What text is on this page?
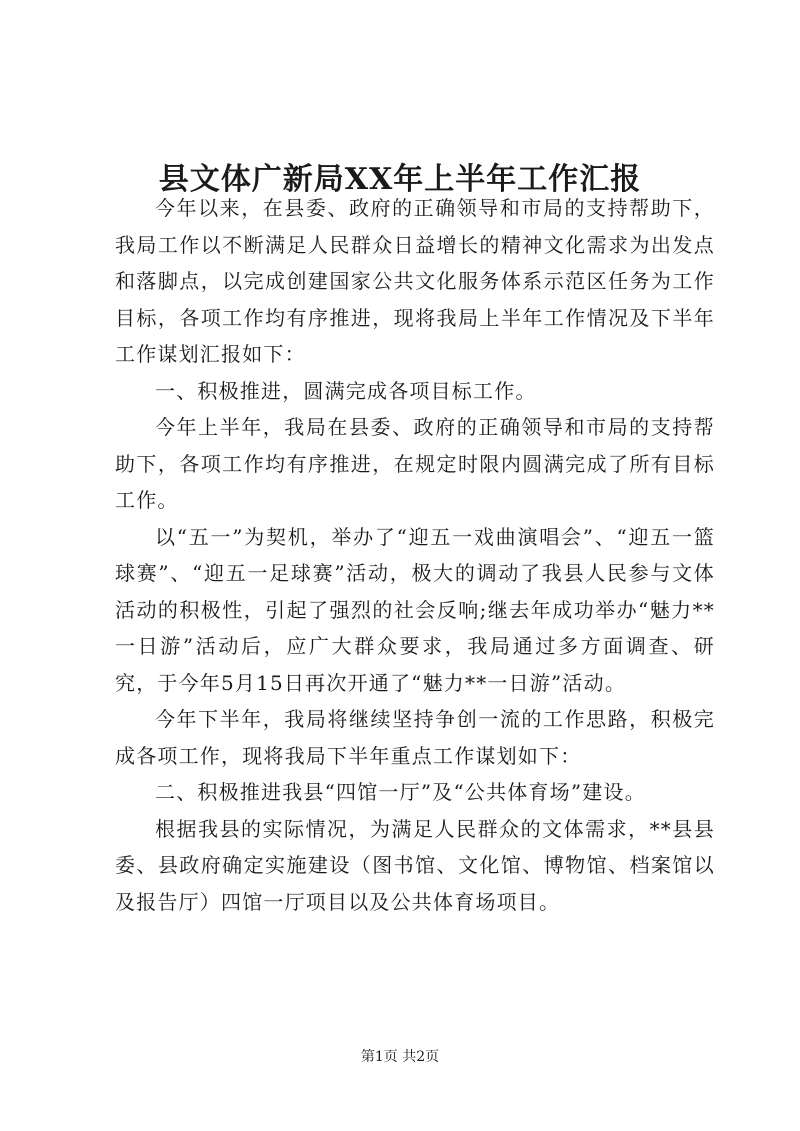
县文体广新局XX年上半年工作汇报

今年以来，在县委、政府的正确领导和市局的支持帮助下，我局工作以不断满足人民群众日益增长的精神文化需求为出发点和落脚点，以完成创建国家公共文化服务体系示范区任务为工作目标，各项工作均有序推进，现将我局上半年工作情况及下半年工作谋划汇报如下：

一、积极推进，圆满完成各项目标工作。

今年上半年，我局在县委、政府的正确领导和市局的支持帮助下，各项工作均有序推进，在规定时限内圆满完成了所有目标工作。

以“五一”为契机，举办了“迎五一戏曲演唱会”、“迎五一篮球赛”、“迎五一足球赛”活动，极大的调动了我县人民参与文体活动的积极性，引起了强烈的社会反响;继去年成功举办“魅力**一日游”活动后，应广大群众要求，我局通过多方面调查、研究，于今年5月15日再次开通了“魅力**一日游”活动。

今年下半年，我局将继续坚持争创一流的工作思路，积极完成各项工作，现将我局下半年重点工作谋划如下：

二、积极推进我县“四馆一厅”及“公共体育场”建设。

根据我县的实际情况，为满足人民群众的文体需求，**县县委、县政府确定实施建设（图书馆、文化馆、博物馆、档案馆以及报告厅）四馆一厅项目以及公共体育场项目。

第1页 共2页
